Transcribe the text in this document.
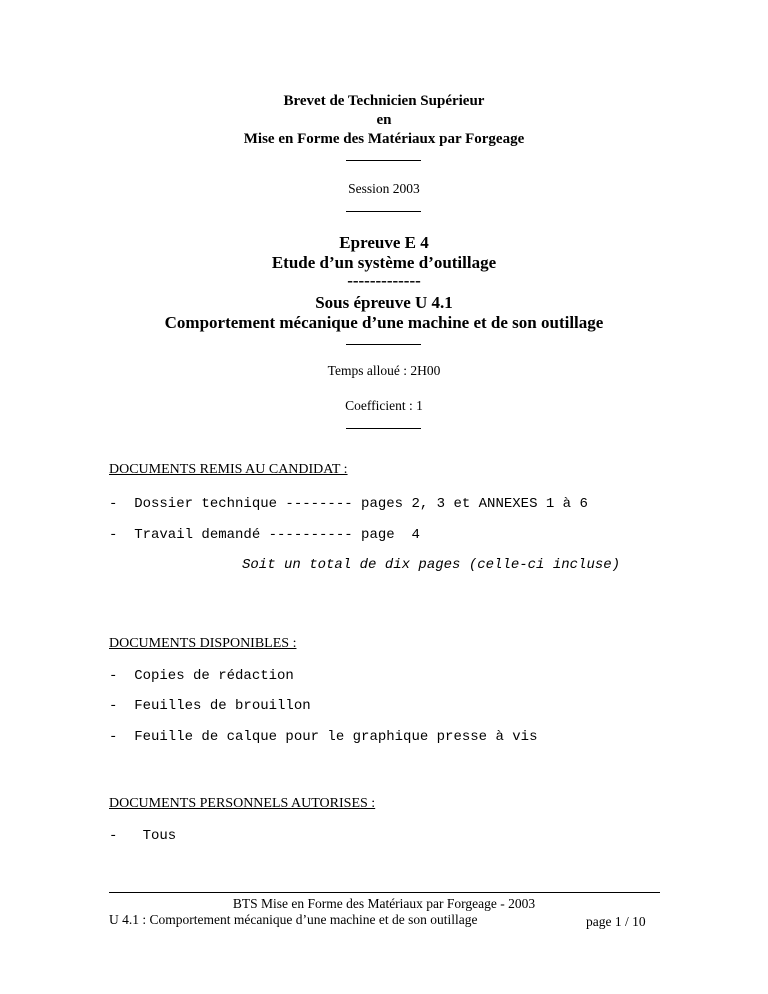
Brevet de Technicien Supérieur
en
Mise en Forme des Matériaux par Forgeage
Session 2003
Epreuve E 4
Etude d’un système d’outillage
-------------
Sous épreuve U 4.1
Comportement mécanique d’une machine et de son outillage
Temps alloué : 2H00
Coefficient : 1
DOCUMENTS REMIS AU CANDIDAT :
-  Dossier technique -------- pages 2, 3 et ANNEXES 1 à 6
-  Travail demandé ---------- page  4
Soit un total de dix pages (celle-ci incluse)
DOCUMENTS DISPONIBLES :
-  Copies de rédaction
-  Feuilles de brouillon
-  Feuille de calque pour le graphique presse à vis
DOCUMENTS PERSONNELS AUTORISES :
-   Tous
BTS Mise en Forme des Matériaux par Forgeage - 2003
U 4.1 : Comportement mécanique d’une machine et de son outillage	page 1 / 10
